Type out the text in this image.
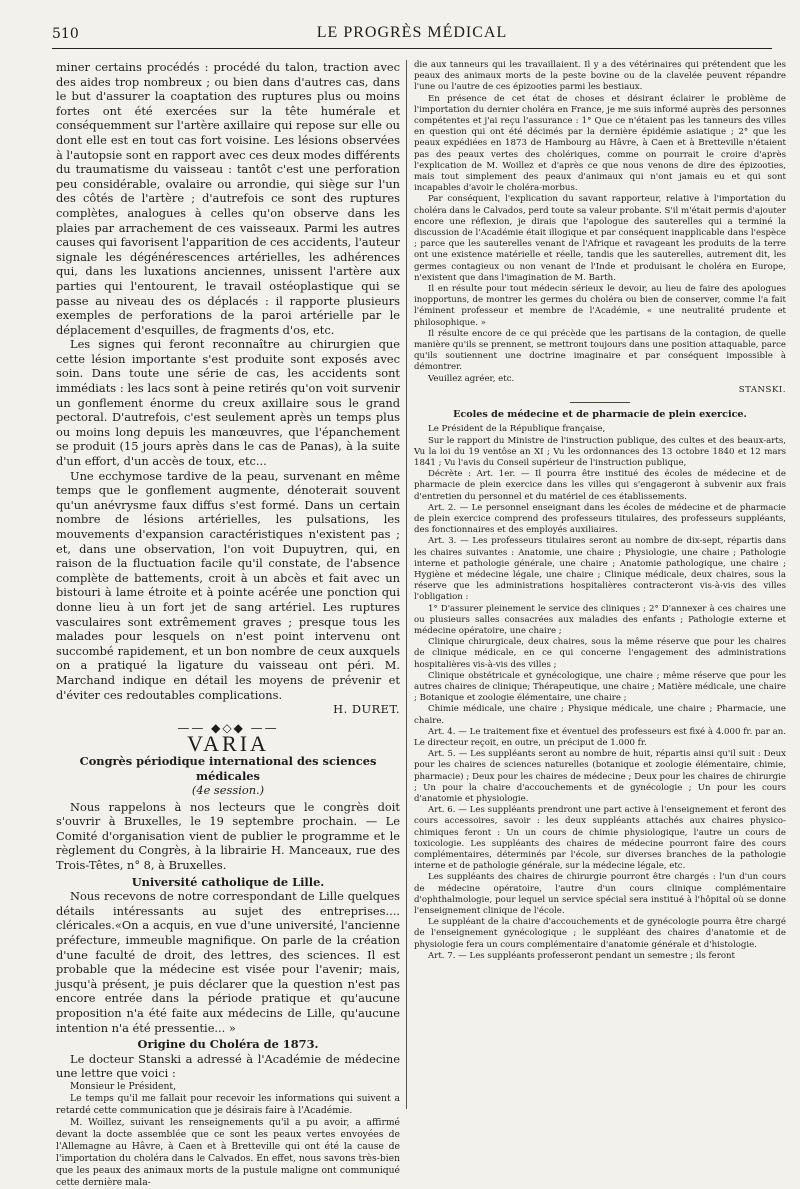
510	LE PROGRÈS MÉDICAL

miner certains procédés : procédé du talon, traction avec des aides trop nombreux ; ou bien dans d'autres cas, dans le but d'assurer la coaptation des ruptures plus ou moins fortes ont été exercées sur la tête humérale et conséquemment sur l'artère axillaire qui repose sur elle ou dont elle est en tout cas fort voisine. Les lésions observées à l'autopsie sont en rapport avec ces deux modes différents du traumatisme du vaisseau : tantôt c'est une perforation peu considérable, ovalaire ou arrondie, qui siège sur l'un des côtés de l'artère ; d'autrefois ce sont des ruptures complètes, analogues à celles qu'on observe dans les plaies par arrachement de ces vaisseaux. Parmi les autres causes qui favorisent l'apparition de ces accidents, l'auteur signale les dégénérescences artérielles, les adhérences qui, dans les luxations anciennes, unissent l'artère aux parties qui l'entourent, le travail ostéoplastique qui se passe au niveau des os déplacés : il rapporte plusieurs exemples de perforations de la paroi artérielle par le déplacement d'esquilles, de fragments d'os, etc.

Les signes qui feront reconnaître au chirurgien que cette lésion importante s'est produite sont exposés avec soin. Dans toute une série de cas, les accidents sont immédiats : les lacs sont à peine retirés qu'on voit survenir un gonflement énorme du creux axillaire sous le grand pectoral. D'autrefois, c'est seulement après un temps plus ou moins long depuis les manœuvres, que l'épanchement se produit (15 jours après dans le cas de Panas), à la suite d'un effort, d'un accès de toux, etc...

Une ecchymose tardive de la peau, survenant en même temps que le gonflement augmente, dénoterait souvent qu'un anévrysme faux diffus s'est formé. Dans un certain nombre de lésions artérielles, les pulsations, les mouvements d'expansion caractéristiques n'existent pas ; et, dans une observation, l'on voit Dupuytren, qui, en raison de la fluctuation facile qu'il constate, de l'absence complète de battements, croit à un abcès et fait avec un bistouri à lame étroite et à pointe acérée une ponction qui donne lieu à un fort jet de sang artériel. Les ruptures vasculaires sont extrêmement graves ; presque tous les malades pour lesquels on n'est point intervenu ont succombé rapidement, et un bon nombre de ceux auxquels on a pratiqué la ligature du vaisseau ont péri. M. Marchand indique en détail les moyens de prévenir et d'éviter ces redoutables complications.

H. DURET.

—— ◆◇◆ ——
VARIA
Congrès périodique international des sciences médicales
(4e session.)

Nous rappelons à nos lecteurs que le congrès doit s'ouvrir à Bruxelles, le 19 septembre prochain. — Le Comité d'organisation vient de publier le programme et le règlement du Congrès, à la librairie H. Manceaux, rue des Trois-Têtes, n° 8, à Bruxelles.

Université catholique de Lille.

Nous recevons de notre correspondant de Lille quelques détails intéressants au sujet des entreprises.... cléricales.«On a acquis, en vue d'une université, l'ancienne préfecture, immeuble magnifique. On parle de la création d'une faculté de droit, des lettres, des sciences. Il est probable que la médecine est visée pour l'avenir; mais, jusqu'à présent, je puis déclarer que la question n'est pas encore entrée dans la période pratique et qu'aucune proposition n'a été faite aux médecins de Lille, qu'aucune intention n'a été pressentie... »

Origine du Choléra de 1873.

Le docteur Stanski a adressé à l'Académie de médecine une lettre que voici :

Monsieur le Président,

Le temps qu'il me fallait pour recevoir les informations qui suivent a retardé cette communication que je désirais faire à l'Académie.

M. Woillez, suivant les renseignements qu'il a pu avoir, a affirmé devant la docte assemblée que ce sont les peaux vertes envoyées de l'Allemagne au Hâvre, à Caen et à Bretteville qui ont été la cause de l'importation du choléra dans le Calvados. En effet, nous savons très-bien que les peaux des animaux morts de la pustule maligne ont communiqué cette dernière mala-

die aux tanneurs qui les travaillaient. Il y a des vétérinaires qui prétendent que les peaux des animaux morts de la peste bovine ou de la clavelée peuvent répandre l'une ou l'autre de ces épizooties parmi les bestiaux.

En présence de cet état de choses et désirant éclairer le problème de l'importation du dernier choléra en France, je me suis informé auprès des personnes compétentes et j'ai reçu l'assurance : 1° Que ce n'étaient pas les tanneurs des villes en question qui ont été décimés par la dernière épidémie asiatique ; 2° que les peaux expédiées en 1873 de Hambourg au Hâvre, à Caen et à Bretteville n'étaient pas des peaux vertes des cholériques, comme on pourrait le croire d'après l'explication de M. Woillez et d'après ce que nous venons de dire des épizooties, mais tout simplement des peaux d'animaux qui n'ont jamais eu et qui sont incapables d'avoir le choléra-morbus.

Par conséquent, l'explication du savant rapporteur, relative à l'importation du choléra dans le Calvados, perd toute sa valeur probante. S'il m'était permis d'ajouter encore une réflexion, je dirais que l'apologue des sauterelles qui a terminé la discussion de l'Académie était illogique et par conséquent inapplicable dans l'espèce ; parce que les sauterelles venant de l'Afrique et ravageant les produits de la terre ont une existence matérielle et réelle, tandis que les sauterelles, autrement dit, les germes contagieux ou non venant de l'Inde et produisant le choléra en Europe, n'existent que dans l'imagination de M. Barth.

Il en résulte pour tout médecin sérieux le devoir, au lieu de faire des apologues inopportuns, de montrer les germes du choléra ou bien de conserver, comme l'a fait l'éminent professeur et membre de l'Académie, « une neutralité prudente et philosophique. »

Il résulte encore de ce qui précède que les partisans de la contagion, de quelle manière qu'ils se prennent, se mettront toujours dans une position attaquable, parce qu'ils soutiennent une doctrine imaginaire et par conséquent impossible à démontrer.

Veuillez agréer, etc.

STANSKI.

Ecoles de médecine et de pharmacie de plein exercice.

Le Président de la République française,

Sur le rapport du Ministre de l'instruction publique, des cultes et des beaux-arts, Vu la loi du 19 ventôse an XI ; Vu les ordonnances des 13 octobre 1840 et 12 mars 1841 ; Vu l'avis du Conseil supérieur de l'instruction publique,

Décrète : Art. 1er. — Il pourra être institué des écoles de médecine et de pharmacie de plein exercice dans les villes qui s'engageront à subvenir aux frais d'entretien du personnel et du matériel de ces établissements.

Art. 2. — Le personnel enseignant dans les écoles de médecine et de pharmacie de plein exercice comprend des professeurs titulaires, des professeurs suppléants, des fonctionnaires et des employés auxiliaires.

Art. 3. — Les professeurs titulaires seront au nombre de dix-sept, répartis dans les chaires suivantes : Anatomie, une chaire ; Physiologie, une chaire ; Pathologie interne et pathologie générale, une chaire ; Anatomie pathologique, une chaire ; Hygiène et médecine légale, une chaire ; Clinique médicale, deux chaires, sous la réserve que les administrations hospitalières contracteront vis-à-vis des villes l'obligation :

1° D'assurer pleinement le service des cliniques ; 2° D'annexer à ces chaires une ou plusieurs salles consacrées aux maladies des enfants ; Pathologie externe et médecine opératoire, une chaire ;

Clinique chirurgicale, deux chaires, sous la même réserve que pour les chaires de clinique médicale, en ce qui concerne l'engagement des administrations hospitalières vis-à-vis des villes ;

Clinique obstétricale et gynécologique, une chaire ; même réserve que pour les autres chaires de clinique; Thérapeutique, une chaire ; Matière médicale, une chaire ; Botanique et zoologie élémentaire, une chaire ;

Chimie médicale, une chaire ; Physique médicale, une chaire ; Pharmacie, une chaire.

Art. 4. — Le traitement fixe et éventuel des professeurs est fixé à 4.000 fr. par an. Le directeur reçoit, en outre, un préciput de 1.000 fr.

Art. 5. — Les suppléants seront au nombre de huit, répartis ainsi qu'il suit : Deux pour les chaires de sciences naturelles (botanique et zoologie élémentaire, chimie, pharmacie) ; Deux pour les chaires de médecine ; Deux pour les chaires de chirurgie ; Un pour la chaire d'accouchements et de gynécologie ; Un pour les cours d'anatomie et physiologie.

Art. 6. — Les suppléants prendront une part active à l'enseignement et feront des cours accessoires, savoir : les deux suppléants attachés aux chaires physico-chimiques feront : Un un cours de chimie physiologique, l'autre un cours de toxicologie. Les suppléants des chaires de médecine pourront faire des cours complémentaires, déterminés par l'école, sur diverses branches de la pathologie interne et de pathologie générale, sur la médecine légale, etc.

Les suppléants des chaires de chirurgie pourront être chargés : l'un d'un cours de médecine opératoire, l'autre d'un cours clinique complémentaire d'ophthalmologie, pour lequel un service spécial sera institué à l'hôpital où se donne l'enseignement clinique de l'école.

Le suppléant de la chaire d'accouchements et de gynécologie pourra être chargé de l'enseignement gynécologique ; le suppléant des chaires d'anatomie et de physiologie fera un cours complémentaire d'anatomie générale et d'histologie.

Art. 7. — Les suppléants professeront pendant un semestre ; ils feront
